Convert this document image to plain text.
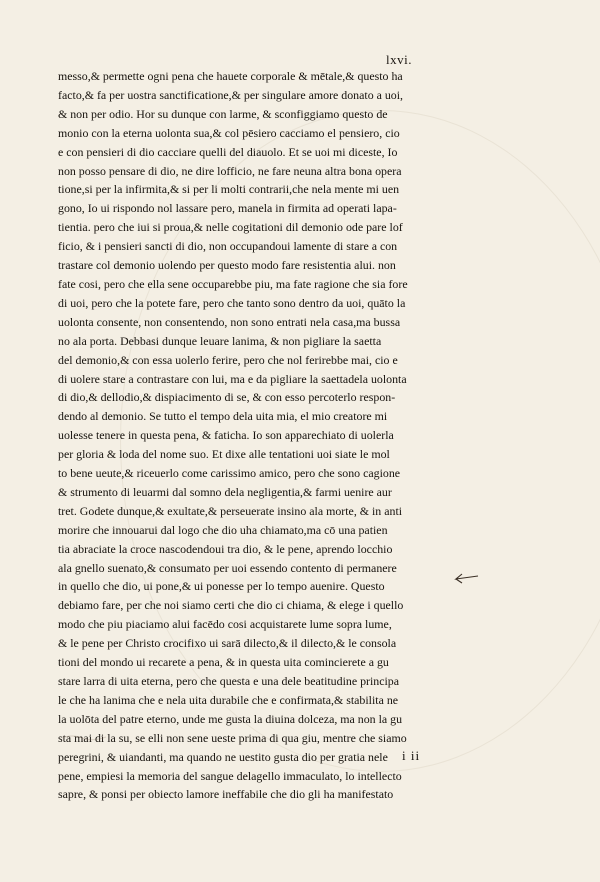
lxvi.
messo,& permette ogni pena che hauete corporale & mētale,& questo ha
facto,& fa per uostra sanctificatione,& per singulare amore donato a uoi,
& non per odio. Hor su dunque con larme, & sconfiggiamo questo de
monio con la eterna uolonta sua,& col pēsiero cacciamo el pensiero, cio
e con pensieri di dio cacciare quelli del diauolo. Et se uoi mi diceste, Io
non posso pensare di dio, ne dire lofficio, ne fare neuna altra bona opera
tione,si per la infirmita,& si per li molti contrarii,che nela mente mi uen
gono, Io ui rispondo nol lassare pero, manela in firmita ad operati lapa-
tientia. pero che iui si proua,& nelle cogitationi dil demonio ode pare lof
ficio, & i pensieri sancti di dio, non occupandoui lamente di stare a con
trastare col demonio uolendo per questo modo fare resistentia alui. non
fate cosi, pero che ella sene occuparebbe piu, ma fate ragione che sia fore
di uoi, pero che la potete fare, pero che tanto sono dentro da uoi, quāto la
uolonta consente, non consentendo, non sono entrati nela casa,ma bussa
no ala porta. Debbasi dunque leuare lanima, & non pigliare la saetta
del demonio,& con essa uolerlo ferire, pero che nol ferirebbe mai, cio e
di uolere stare a contrastare con lui, ma e da pigliare la saettadela uolonta
di dio,& dellodio,& dispiacimento di se, & con esso percoterlo respon-
dendo al demonio. Se tutto el tempo dela uita mia, el mio creatore mi
uolesse tenere in questa pena, & faticha. Io son apparechiato di uolerla
per gloria & loda del nome suo. Et dixe alle tentationi uoi siate le mol
to bene ueute,& riceuerlo come carissimo amico, pero che sono cagione
& strumento di leuarmi dal somno dela negligentia,& farmi uenire aur
tret. Godete dunque,& exultate,& perseuerate insino ala morte, & in anti
morire che innouarui dal logo che dio uha chiamato,ma cō una patien
tia abraciate la croce nascodendoui tra dio, & le pene, aprendo locchio
ala gnello suenato,& consumato per uoi essendo contento di permanere
in quello che dio, ui pone,& ui ponesse per lo tempo auenire. Questo
debiamo fare, per che noi siamo certi che dio ci chiama, & elege i quello
modo che piu piaciamo alui facēdo cosi acquistarete lume sopra lume,
& le pene per Christo crocifixo ui sarā dilecto,& il dilecto,& le consola
tioni del mondo ui recarete a pena, & in questa uita comincierete a gu
stare larra di uita eterna, pero che questa e una dele beatitudine principa
le che ha lanima che e nela uita durabile che e confirmata,& stabilita ne
la uolōta del patre eterno, unde me gusta la diuina dolceza, ma non la gu
sta mai di la su, se elli non sene ueste prima di qua giu, mentre che siamo
peregrini, & uiandanti, ma quando ne uestito gusta dio per gratia nele
pene, empiesi la memoria del sangue delagello immaculato, lo intellecto
sapre, & ponsi per obiecto lamore ineffabile che dio gli ha manifestato
i ii
